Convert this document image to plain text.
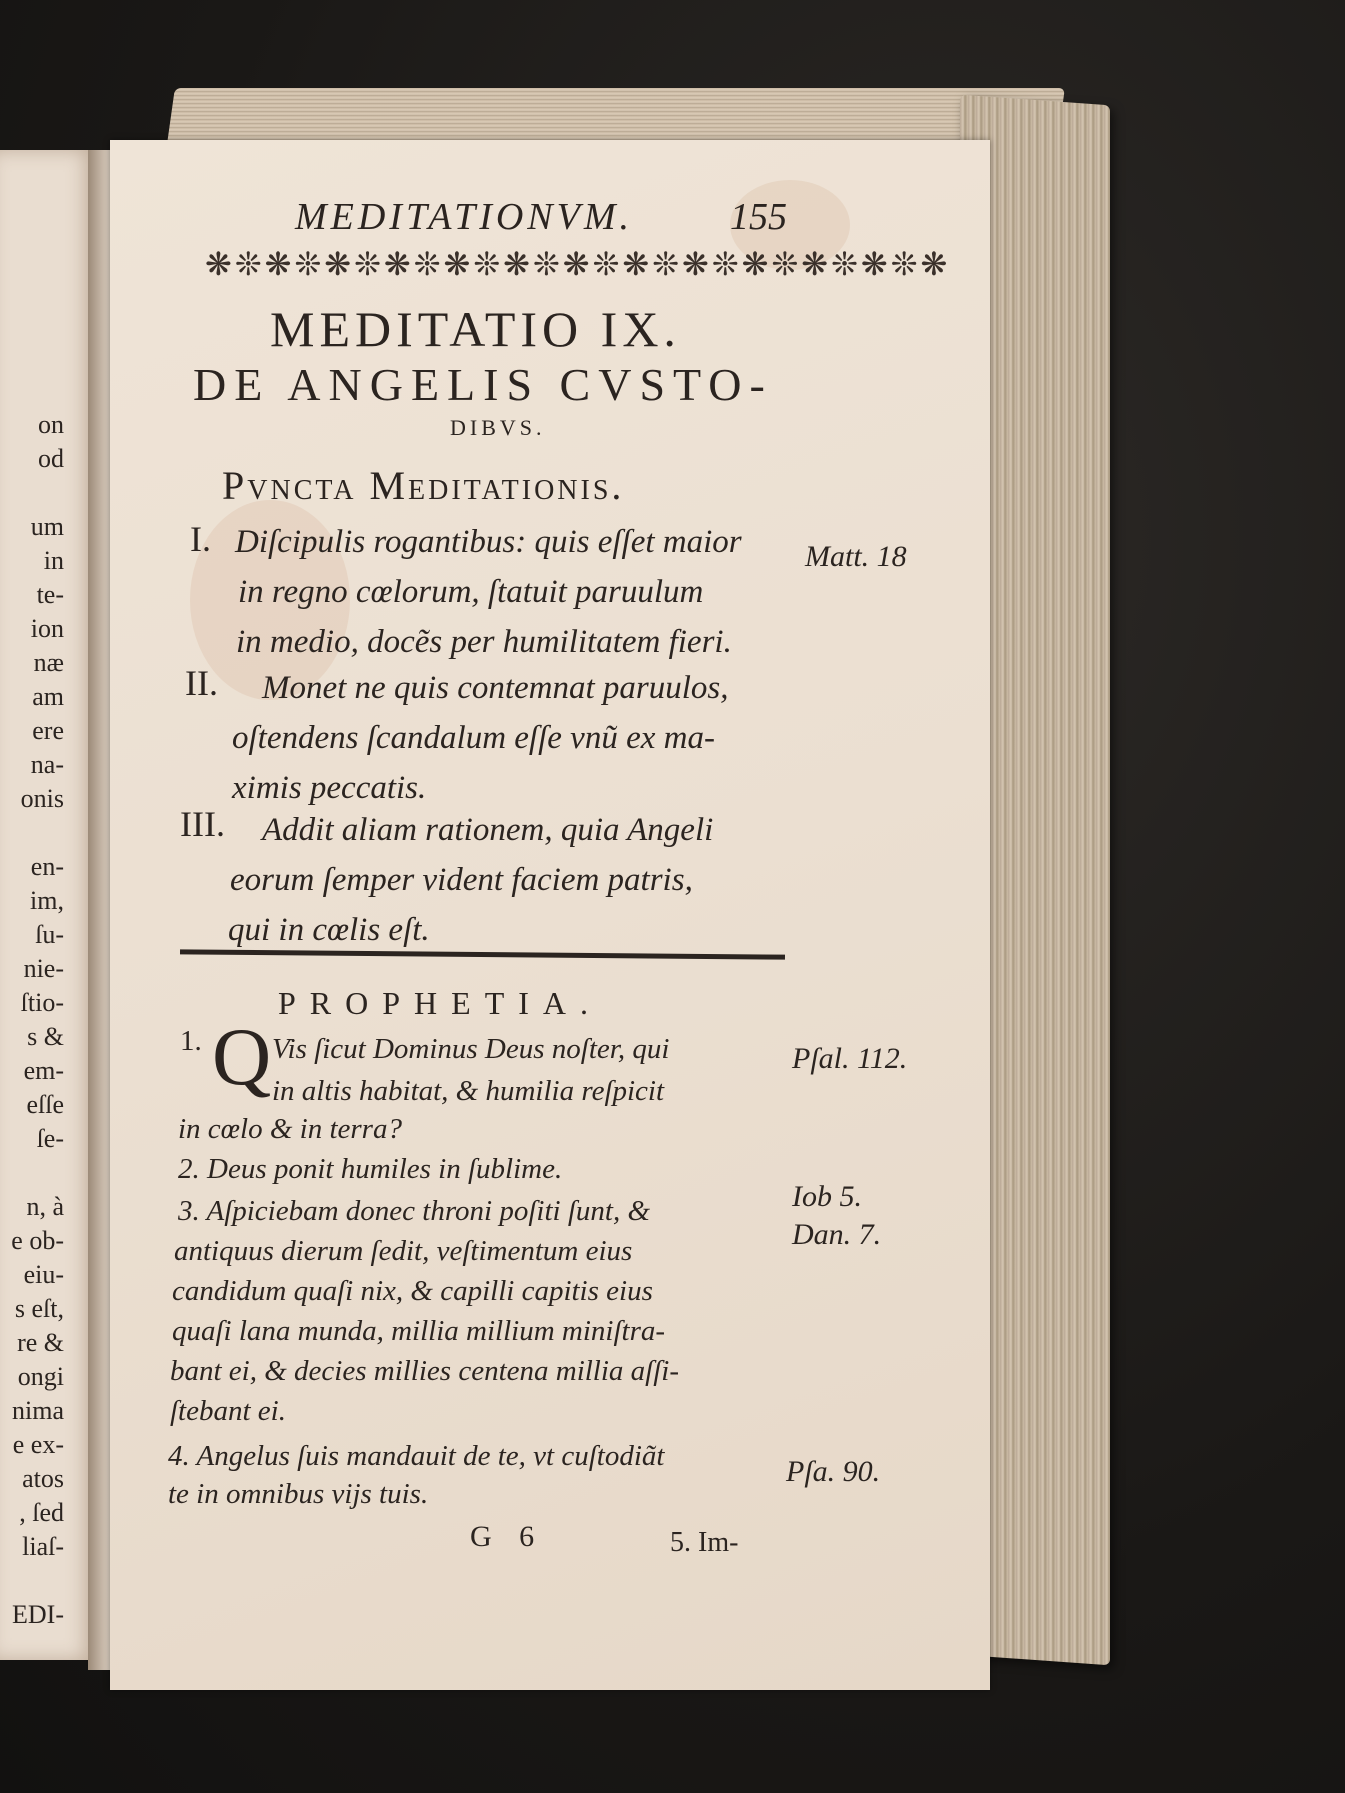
on
od
um
in
te-
ion
næ
am
ere
na-
onis
en-
im,
ſu-
nie-
ſtio-
s &
em-
eſſe
ſe-
n, à
e ob-
eiu-
s eſt,
re &
ongi
nima
e ex-
atos
, ſed
liaſ-
EDI-
MEDITATIONVM.	155
❋❊❋❊❋❊❋❊❋❊❋❊❋❊❋❊❋❊❋❊❋❊❋❊❋
MEDITATIO IX.
DE ANGELIS CVSTO-
DIBVS.
Pvncta Meditationis.
I. Diſcipulis rogantibus: quis eſſet maior
in regno cœlorum, ſtatuit paruulum
in medio, docẽs per humilitatem fieri.
Matt. 18
II. Monet ne quis contemnat paruulos,
oſtendens ſcandalum eſſe vnũ ex ma-
ximis peccatis.
III. Addit aliam rationem, quia Angeli
eorum ſemper vident faciem patris,
qui in cœlis eſt.
PROPHETIA.
1. Q Vis ſicut Dominus Deus noſter, qui
in altis habitat, & humilia reſpicit
in cœlo & in terra?
Pſal. 112.
2. Deus ponit humiles in ſublime.
Iob 5.
3. Aſpiciebam donec throni poſiti ſunt, &
Dan. 7.
antiquus dierum ſedit, veſtimentum eius
candidum quaſi nix, & capilli capitis eius
quaſi lana munda, millia millium miniſtra-
bant ei, & decies millies centena millia aſſi-
ſtebant ei.
4. Angelus ſuis mandauit de te, vt cuſtodiãt
te in omnibus vijs tuis.
Pſa. 90.
G 6	5. Im-
